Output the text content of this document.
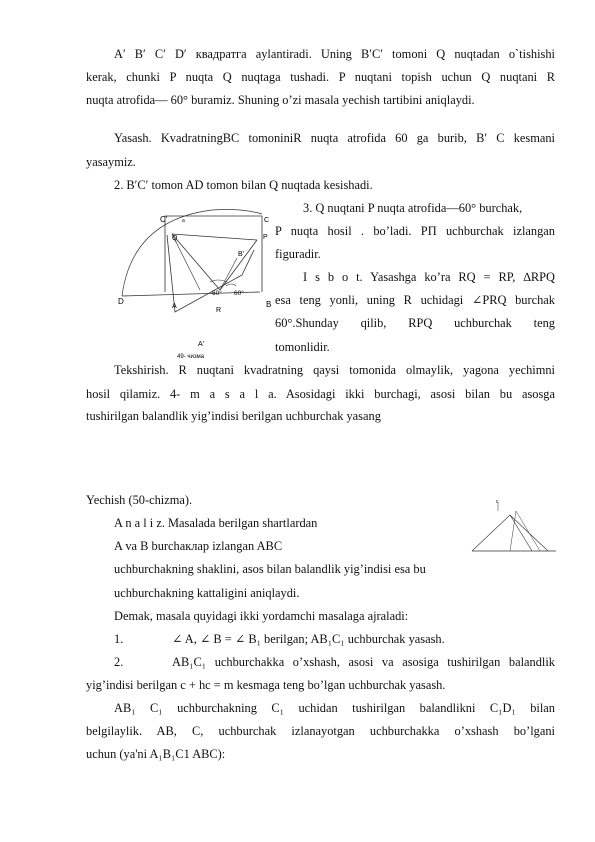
A′ B′ C′ D′ квадратга aylantiradi. Uning B′C′ tomoni Q nuqtadan o`tishishi
kerak, chunki P nuqta Q nuqtaga tushadi. P nuqtani topish uchun Q nuqtani R
nuqta atrofida— 60° buramiz. Shuning o’zi masala yechish tartibini aniqlaydi.
Yasash. KvadratningBC tomoniniR nuqta atrofida 60 ga burib, B′ C kesmani
yasaymiz.
2. B′C′ tomon AD tomon bilan Q nuqtada kesishadi.
C′	C
P
Q
B′
D
A	B
R
A′
60° 60°
a
49- чизма
3. Q nuqtani P nuqta atrofida—60° burchak,
P nuqta hosil . bo’ladi. PП uchburchak izlangan
figuradir.
I s b o t. Yasashga ko’ra RQ = RP, ∆RPQ
esa teng yonli, uning R uchidagi ∠PRQ burchak
60°.Shunday qilib, RPQ uchburchak teng
tomonlidir.
Tekshirish. R nuqtani kvadratning qaysi tomonida olmaylik, yagona yechimni
hosil qilamiz. 4- m a s a l a. Asosidagi ikki burchagi, asosi bilan bu asosga
tushirilgan balandlik yig’indisi berilgan uchburchak yasang
Yechish (50-chizma).	c
A n a l i z. Masalada berilgan shartlardan
A va B burchaклар izlangan ABC
uchburchakning shaklini, asos bilan balandlik yig’indisi esa bu
uchburchakning kattaligini aniqlaydi.
Demak, masala quyidagi ikki yordamchi masalaga ajraladi:
1.	∠ A, ∠ B = ∠ B₁ berilgan; AB₁C₁ uchburchak yasash.
2.	AB₁C₁ uchburchakka o’xshash, asosi va asosiga tushirilgan balandlik
yig’indisi berilgan c + hc = m kesmaga teng bo’lgan uchburchak yasash.
AB₁ C₁ uchburchakning C₁ uchidan tushirilgan balandlikni C₁D₁ bilan
belgilaylik. AB, C, uchburchak izlanayotgan uchburchakka o’xshash bo’lgani
uchun (ya'ni A₁B₁C1 ABC):
